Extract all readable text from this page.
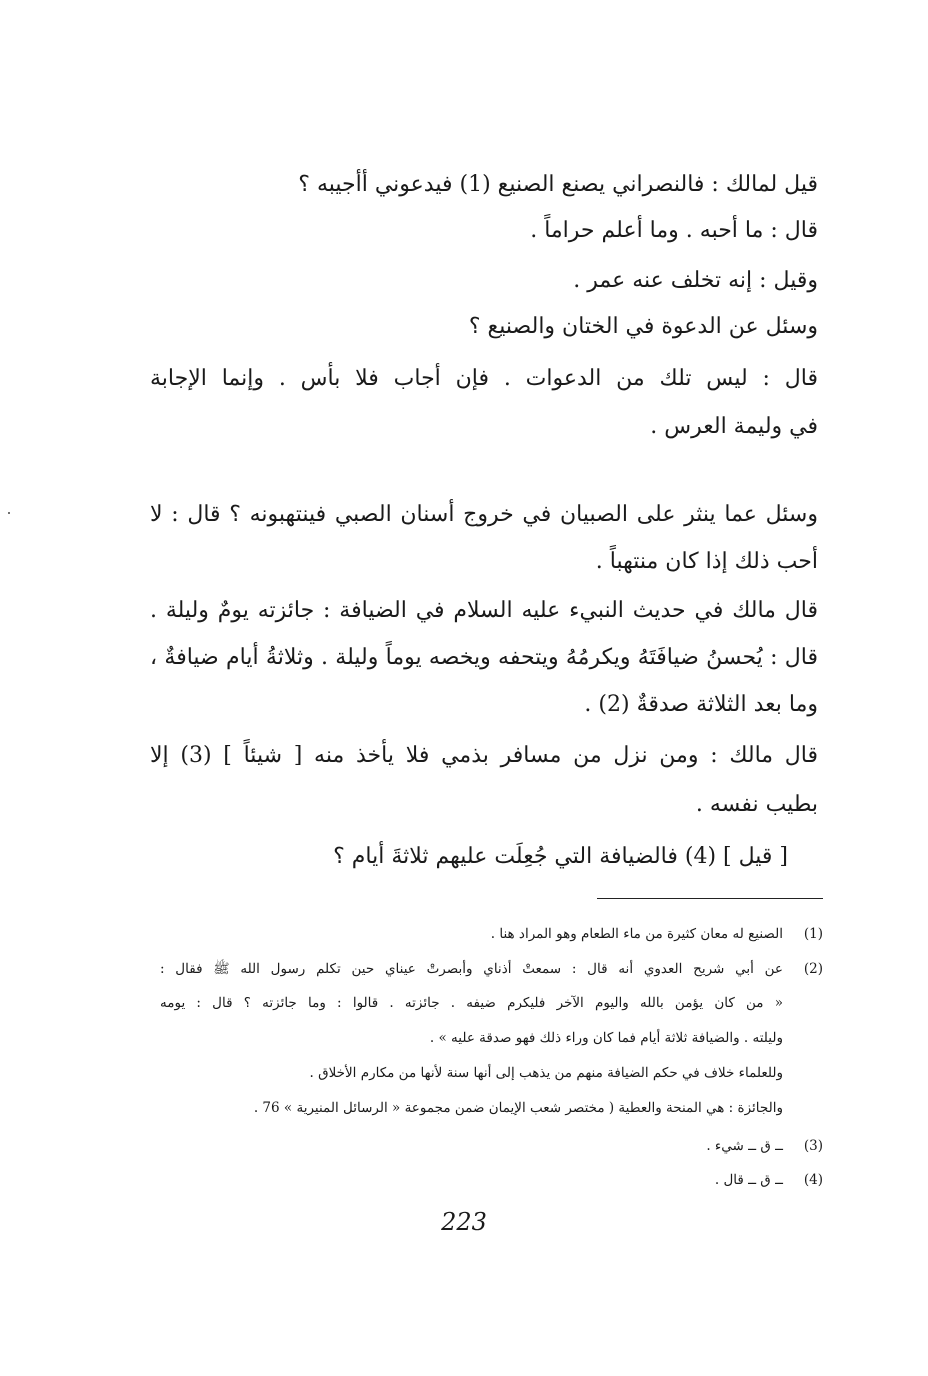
قيل لمالك : فالنصراني يصنع الصنيع (1) فيدعوني أأجيبه ؟
قال : ما أحبه . وما أعلم حراماً .
وقيل : إنه تخلف عنه عمر .
وسئل عن الدعوة في الختان والصنيع ؟
قال : ليس تلك من الدعوات . فإن أجاب فلا بأس . وإنما الإجابة
في وليمة العرس .
وسئل عما ينثر على الصبيان في خروج أسنان الصبي فينتهبونه ؟ قال : لا
أحب ذلك إذا كان منتهباً .
قال مالك في حديث النبيء عليه السلام في الضيافة : جائزته يومٌ وليلة .
قال : يُحسنُ ضيافَتَهُ ويكرمُهُ ويتحفه ويخصه يوماً وليلة . وثلاثةُ أيام ضيافةٌ ،
وما بعد الثلاثة صدقةٌ (2) .
قال مالك : ومن نزل من مسافر بذمي فلا يأخذ منه [ شيئاً ] (3) إلا
بطيب نفسه .
[ قيل ] (4) فالضيافة التي جُعِلَت عليهم ثلاثةَ أيام ؟
(1)
الصنيع له معان كثيرة من ماء الطعام وهو المراد هنا .
(2)
عن أبي شريح العدوي أنه قال : سمعتْ أذناي وأبصرتْ عيناي حين تكلم رسول الله ﷺ فقال :
« من كان يؤمن بالله واليوم الآخر فليكرم ضيفه . جائزته . قالوا : وما جائزته ؟ قال : يومه
وليلته . والضيافة ثلاثة أيام فما كان وراء ذلك فهو صدقة عليه » .
وللعلماء خلاف في حكم الضيافة منهم من يذهب إلى أنها سنة لأنها من مكارم الأخلاق .
والجائزة : هي المنحة والعطية ( مختصر شعب الإيمان ضمن مجموعة « الرسائل المنيرية » 76 .
(3)
ــ ق ــ شيء .
(4)
ــ ق ــ قال .
223
